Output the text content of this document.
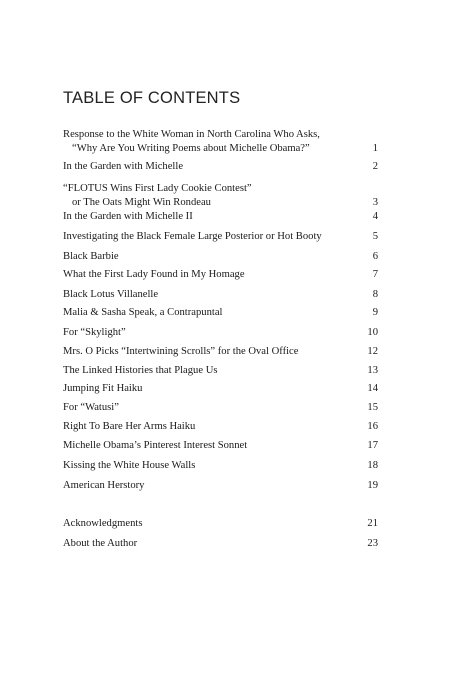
TABLE OF CONTENTS
Response to the White Woman in North Carolina Who Asks,
“Why Are You Writing Poems about Michelle Obama?”	1
In the Garden with Michelle	2
“FLOTUS Wins First Lady Cookie Contest”
or The Oats Might Win Rondeau	3
In the Garden with Michelle II	4
Investigating the Black Female Large Posterior or Hot Booty	5
Black Barbie	6
What the First Lady Found in My Homage	7
Black Lotus Villanelle	8
Malia & Sasha Speak, a Contrapuntal	9
For “Skylight”	10
Mrs. O Picks “Intertwining Scrolls” for the Oval Office	12
The Linked Histories that Plague Us	13
Jumping Fit Haiku	14
For “Watusi”	15
Right To Bare Her Arms Haiku	16
Michelle Obama’s Pinterest Interest Sonnet	17
Kissing the White House Walls	18
American Herstory	19
Acknowledgments	21
About the Author	23
